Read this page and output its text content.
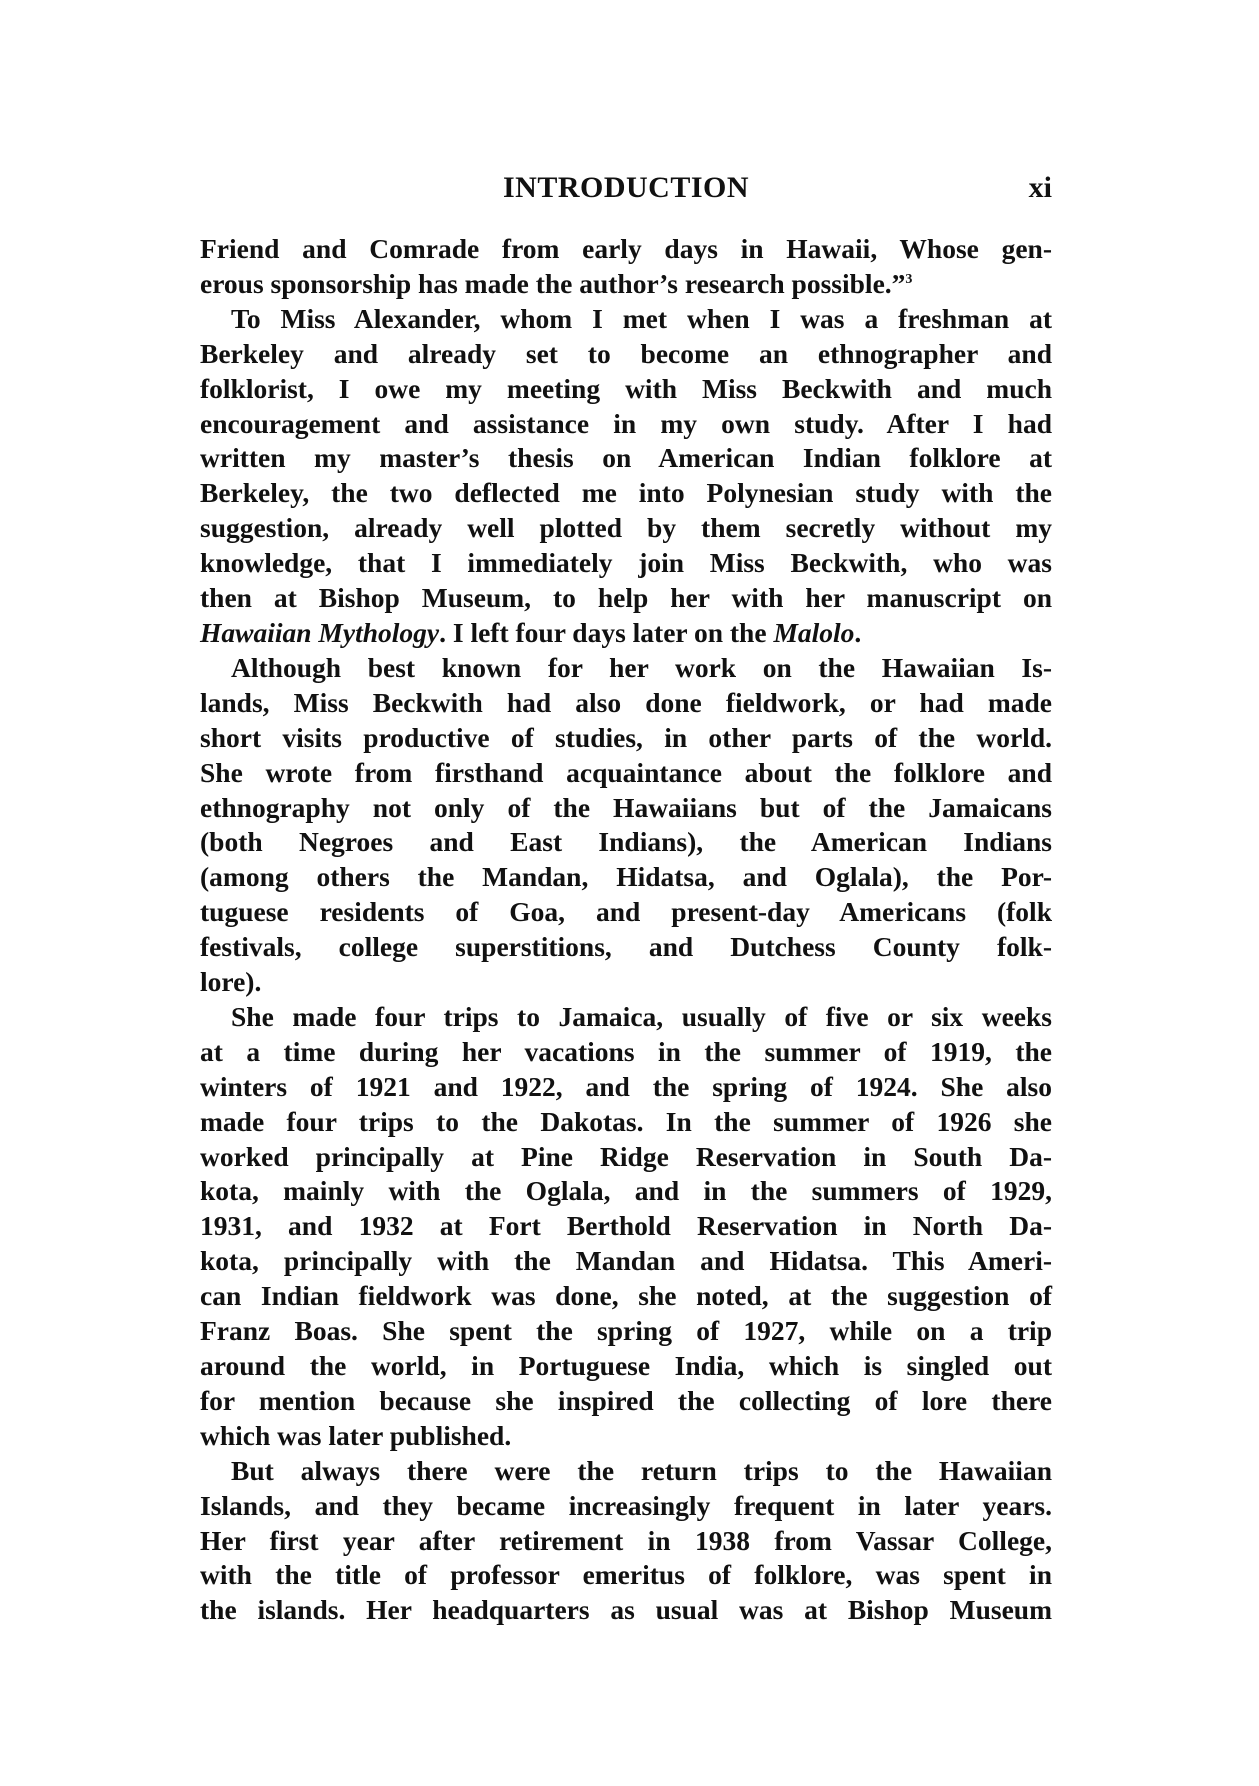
INTRODUCTION	xi
Friend and Comrade from early days in Hawaii, Whose gen-
erous sponsorship has made the author’s research possible.”$^3$
To Miss Alexander, whom I met when I was a freshman at
Berkeley and already set to become an ethnographer and
folklorist, I owe my meeting with Miss Beckwith and much
encouragement and assistance in my own study. After I had
written my master’s thesis on American Indian folklore at
Berkeley, the two deflected me into Polynesian study with the
suggestion, already well plotted by them secretly without my
knowledge, that I immediately join Miss Beckwith, who was
then at Bishop Museum, to help her with her manuscript on
Hawaiian Mythology. I left four days later on the Malolo.
Although best known for her work on the Hawaiian Is-
lands, Miss Beckwith had also done fieldwork, or had made
short visits productive of studies, in other parts of the world.
She wrote from firsthand acquaintance about the folklore and
ethnography not only of the Hawaiians but of the Jamaicans
(both Negroes and East Indians), the American Indians
(among others the Mandan, Hidatsa, and Oglala), the Por-
tuguese residents of Goa, and present-day Americans (folk
festivals, college superstitions, and Dutchess County folk-
lore).
She made four trips to Jamaica, usually of five or six weeks
at a time during her vacations in the summer of 1919, the
winters of 1921 and 1922, and the spring of 1924. She also
made four trips to the Dakotas. In the summer of 1926 she
worked principally at Pine Ridge Reservation in South Da-
kota, mainly with the Oglala, and in the summers of 1929,
1931, and 1932 at Fort Berthold Reservation in North Da-
kota, principally with the Mandan and Hidatsa. This Ameri-
can Indian fieldwork was done, she noted, at the suggestion of
Franz Boas. She spent the spring of 1927, while on a trip
around the world, in Portuguese India, which is singled out
for mention because she inspired the collecting of lore there
which was later published.
But always there were the return trips to the Hawaiian
Islands, and they became increasingly frequent in later years.
Her first year after retirement in 1938 from Vassar College,
with the title of professor emeritus of folklore, was spent in
the islands. Her headquarters as usual was at Bishop Museum
